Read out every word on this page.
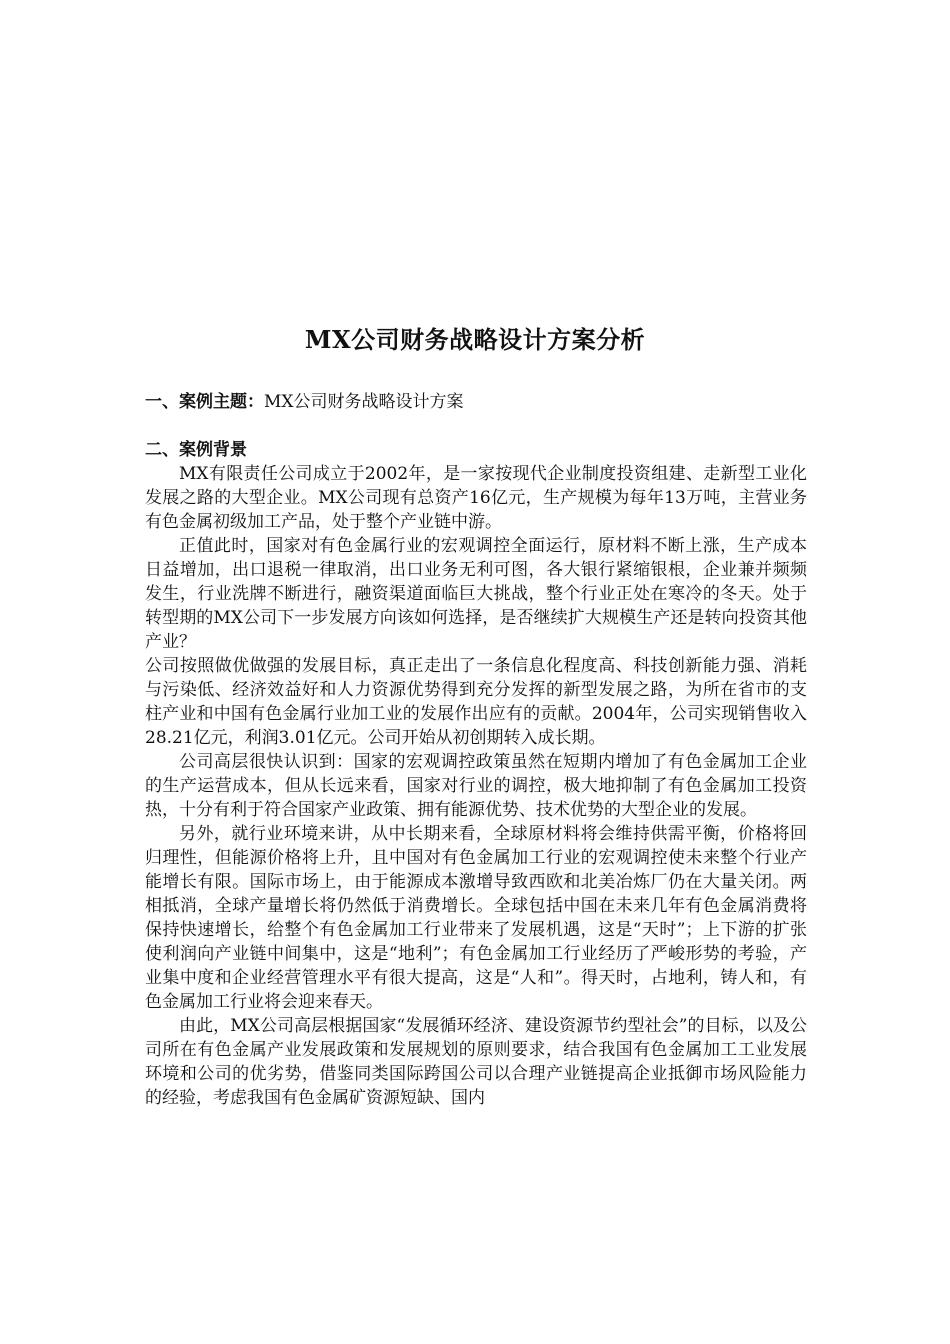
MX公司财务战略设计方案分析

一、案例主题：MX公司财务战略设计方案

二、案例背景

MX有限责任公司成立于2002年，是一家按现代企业制度投资组建、走新型工业化发展之路的大型企业。MX公司现有总资产16亿元，生产规模为每年13万吨，主营业务有色金属初级加工产品，处于整个产业链中游。

正值此时，国家对有色金属行业的宏观调控全面运行，原材料不断上涨，生产成本日益增加，出口退税一律取消，出口业务无利可图，各大银行紧缩银根，企业兼并频频发生，行业洗牌不断进行，融资渠道面临巨大挑战，整个行业正处在寒冷的冬天。处于转型期的MX公司下一步发展方向该如何选择，是否继续扩大规模生产还是转向投资其他产业？

公司按照做优做强的发展目标，真正走出了一条信息化程度高、科技创新能力强、消耗与污染低、经济效益好和人力资源优势得到充分发挥的新型发展之路，为所在省市的支柱产业和中国有色金属行业加工业的发展作出应有的贡献。2004年，公司实现销售收入28.21亿元，利润3.01亿元。公司开始从初创期转入成长期。

公司高层很快认识到：国家的宏观调控政策虽然在短期内增加了有色金属加工企业的生产运营成本，但从长远来看，国家对行业的调控，极大地抑制了有色金属加工投资热，十分有利于符合国家产业政策、拥有能源优势、技术优势的大型企业的发展。

另外，就行业环境来讲，从中长期来看，全球原材料将会维持供需平衡，价格将回归理性，但能源价格将上升，且中国对有色金属加工行业的宏观调控使未来整个行业产能增长有限。国际市场上，由于能源成本激增导致西欧和北美冶炼厂仍在大量关闭。两相抵消，全球产量增长将仍然低于消费增长。全球包括中国在未来几年有色金属消费将保持快速增长，给整个有色金属加工行业带来了发展机遇，这是“天时”；上下游的扩张使利润向产业链中间集中，这是“地利”；有色金属加工行业经历了严峻形势的考验，产业集中度和企业经营管理水平有很大提高，这是“人和”。得天时，占地利，铸人和，有色金属加工行业将会迎来春天。

由此，MX公司高层根据国家“发展循环经济、建设资源节约型社会”的目标，以及公司所在有色金属产业发展政策和发展规划的原则要求，结合我国有色金属加工工业发展环境和公司的优劣势，借鉴同类国际跨国公司以合理产业链提高企业抵御市场风险能力的经验，考虑我国有色金属矿资源短缺、国内
